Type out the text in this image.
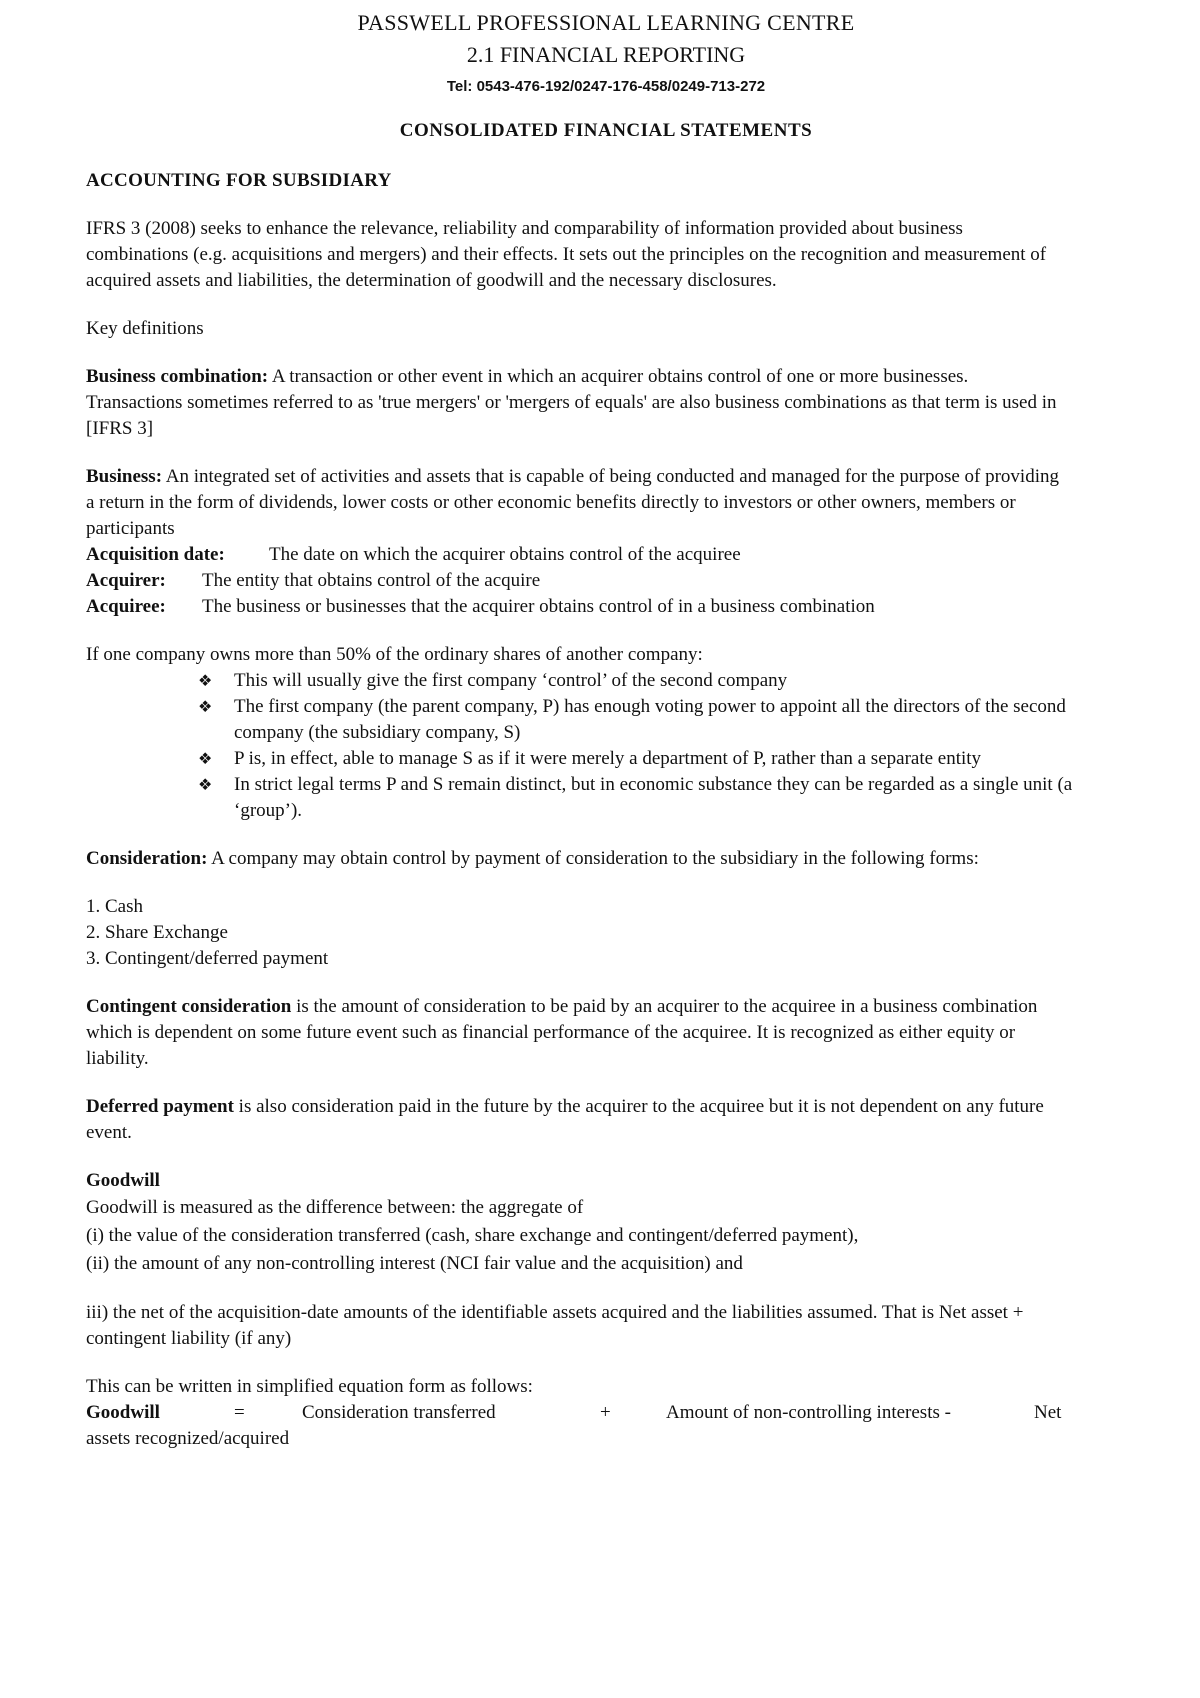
PASSWELL PROFESSIONAL LEARNING CENTRE
2.1 FINANCIAL REPORTING
Tel: 0543-476-192/0247-176-458/0249-713-272
CONSOLIDATED FINANCIAL STATEMENTS
ACCOUNTING FOR SUBSIDIARY

IFRS 3 (2008) seeks to enhance the relevance, reliability and comparability of information provided about business combinations (e.g. acquisitions and mergers) and their effects. It sets out the principles on the recognition and measurement of acquired assets and liabilities, the determination of goodwill and the necessary disclosures.

Key definitions

Business combination: A transaction or other event in which an acquirer obtains control of one or more businesses. Transactions sometimes referred to as 'true mergers' or 'mergers of equals' are also business combinations as that term is used in [IFRS 3]

Business: An integrated set of activities and assets that is capable of being conducted and managed for the purpose of providing a return in the form of dividends, lower costs or other economic benefits directly to investors or other owners, members or participants

Acquisition date:	The date on which the acquirer obtains control of the acquiree
Acquirer:	The entity that obtains control of the acquire
Acquiree:	The business or businesses that the acquirer obtains control of in a business combination

If one company owns more than 50% of the ordinary shares of another company:

❖ This will usually give the first company ‘control’ of the second company
❖ The first company (the parent company, P) has enough voting power to appoint all the directors of the second company (the subsidiary company, S)
❖ P is, in effect, able to manage S as if it were merely a department of P, rather than a separate entity
❖ In strict legal terms P and S remain distinct, but in economic substance they can be regarded as a single unit (a ‘group’).

Consideration: A company may obtain control by payment of consideration to the subsidiary in the following forms:

1. Cash

2. Share Exchange

3. Contingent/deferred payment

Contingent consideration is the amount of consideration to be paid by an acquirer to the acquiree in a business combination which is dependent on some future event such as financial performance of the acquiree. It is recognized as either equity or liability.

Deferred payment is also consideration paid in the future by the acquirer to the acquiree but it is not dependent on any future event.

Goodwill

Goodwill is measured as the difference between: the aggregate of

(i) the value of the consideration transferred (cash, share exchange and contingent/deferred payment),

(ii) the amount of any non-controlling interest (NCI fair value and the acquisition) and

iii) the net of the acquisition-date amounts of the identifiable assets acquired and the liabilities assumed. That is Net asset + contingent liability (if any)

This can be written in simplified equation form as follows:

Goodwill	=	Consideration transferred	+	Amount of non-controlling interests -	Net

assets recognized/acquired
